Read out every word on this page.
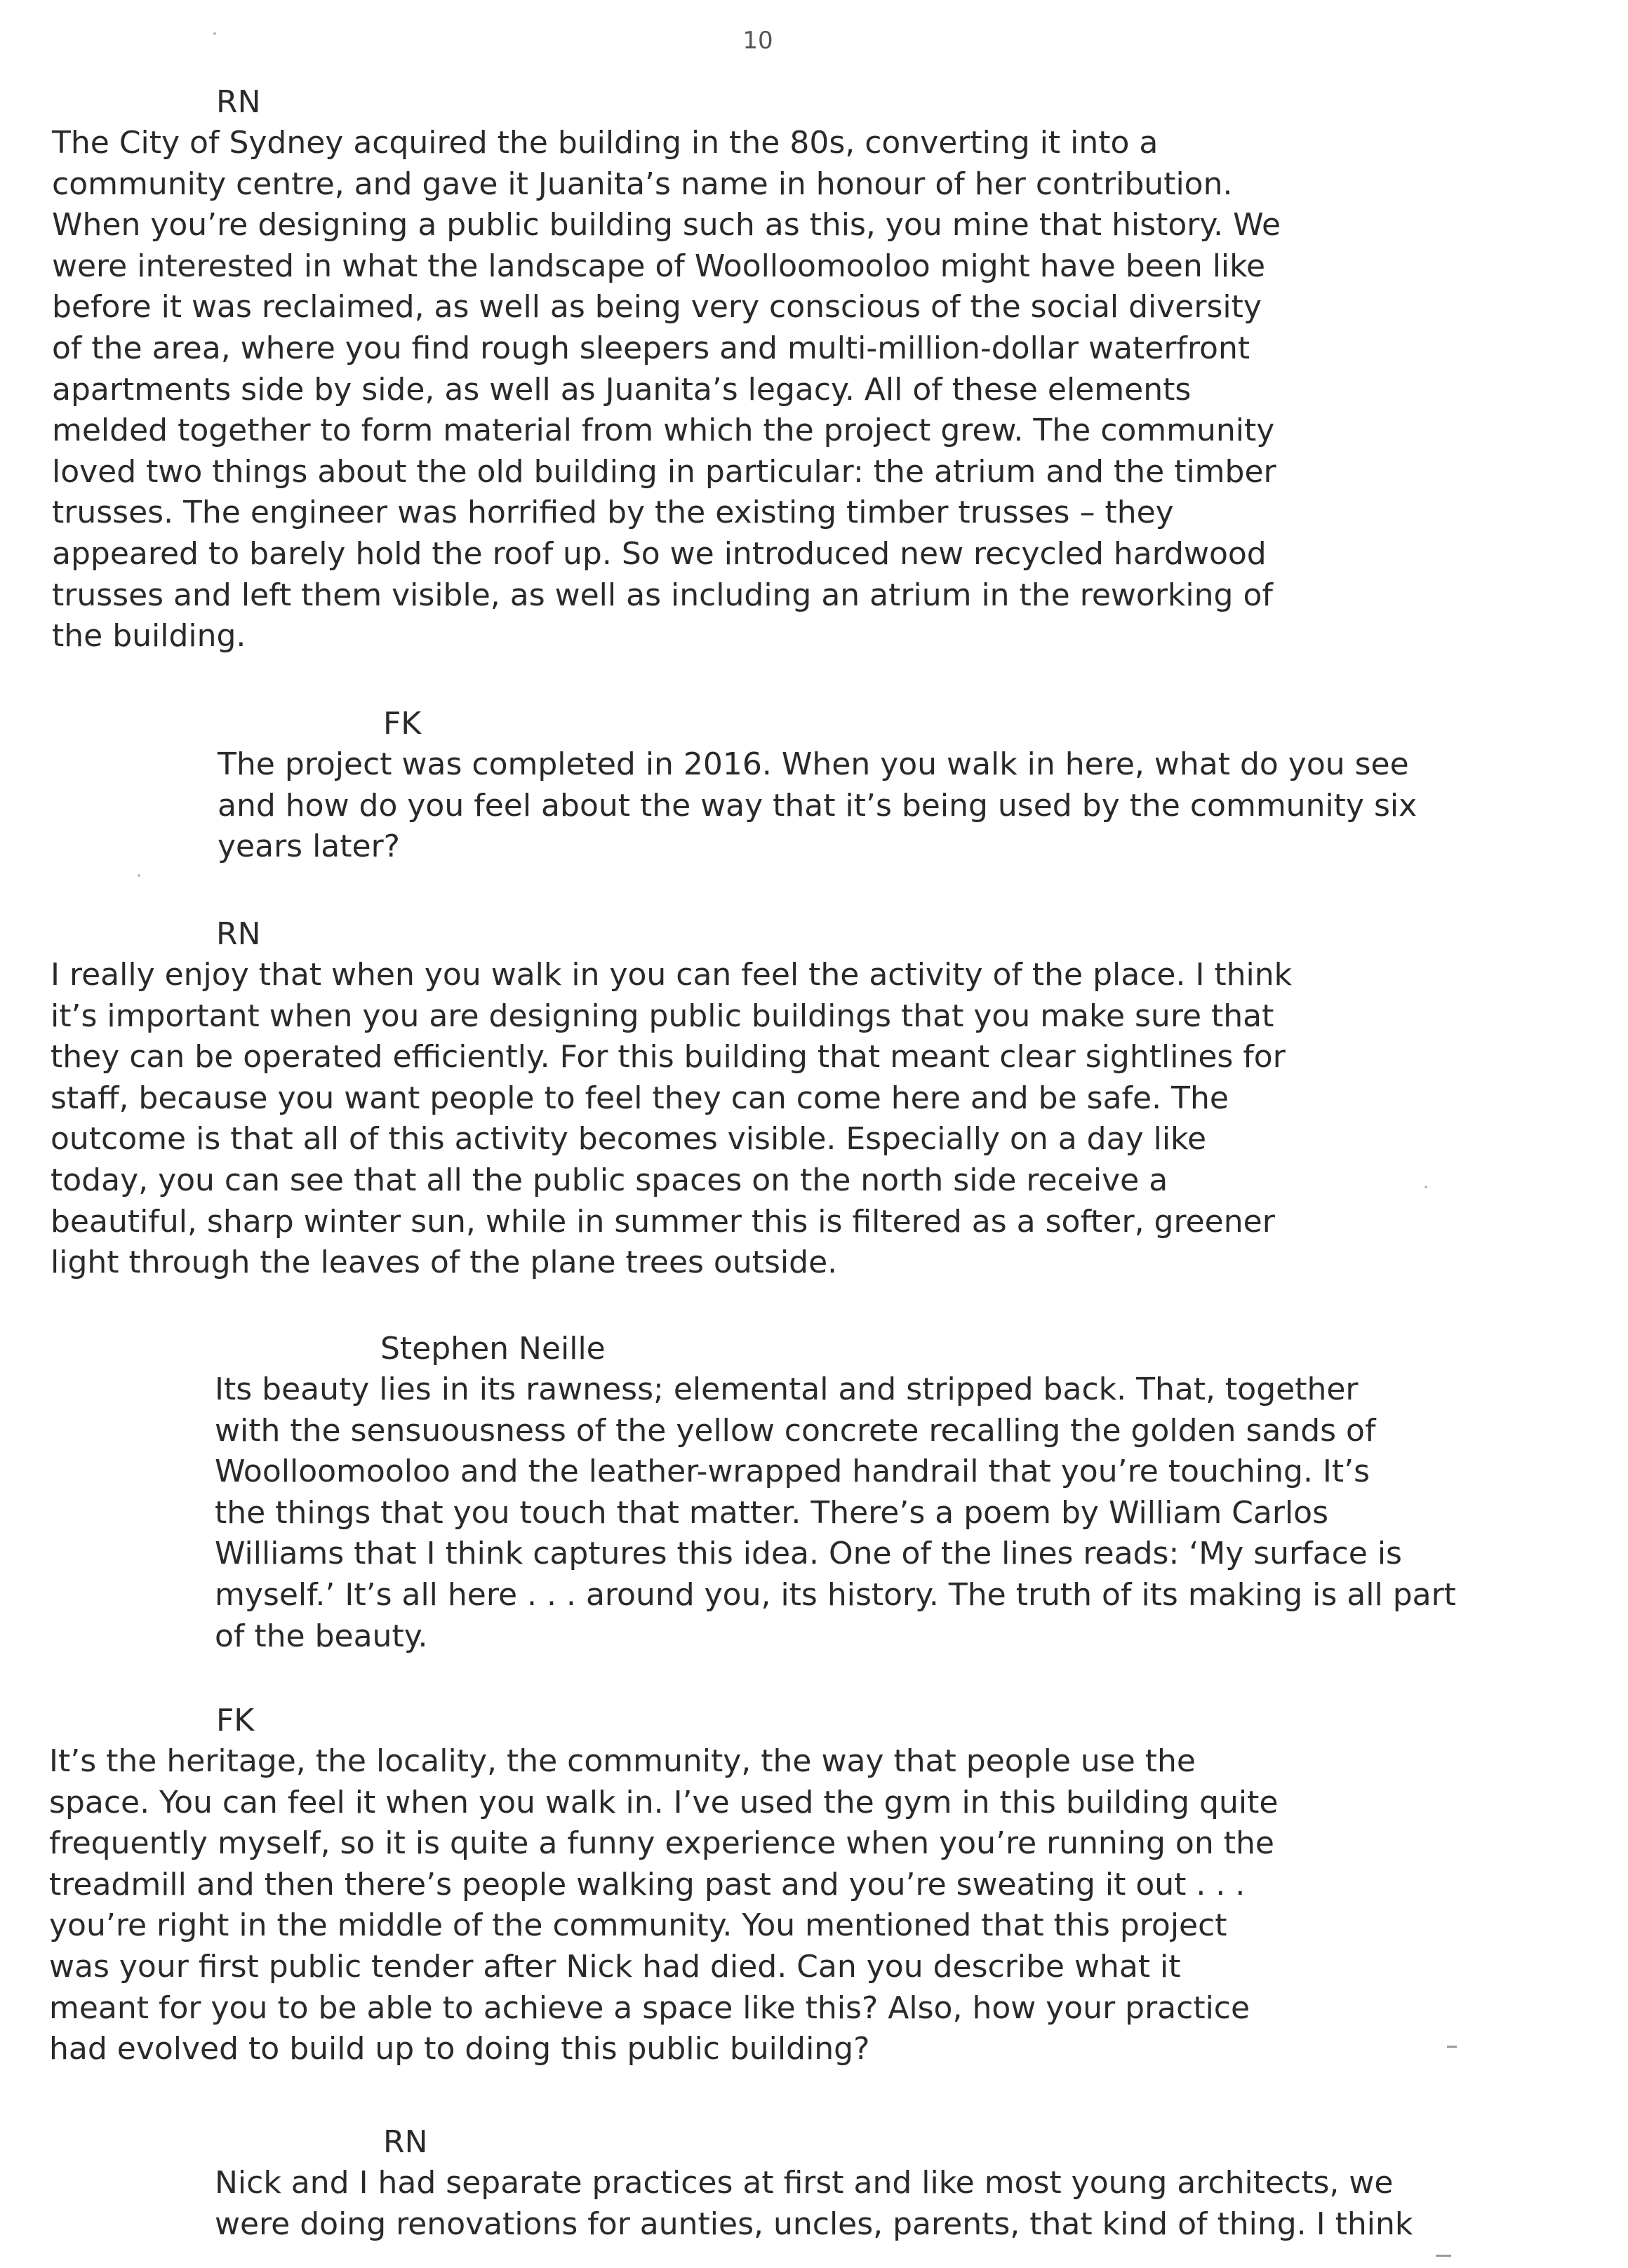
10
RN
The City of Sydney acquired the building in the 80s, converting it into a
community centre, and gave it Juanita’s name in honour of her contribution.
When you’re designing a public building such as this, you mine that history. We
were interested in what the landscape of Woolloomooloo might have been like
before it was reclaimed, as well as being very conscious of the social diversity
of the area, where you find rough sleepers and multi-million-dollar waterfront
apartments side by side, as well as Juanita’s legacy. All of these elements
melded together to form material from which the project grew. The community
loved two things about the old building in particular: the atrium and the timber
trusses. The engineer was horrified by the existing timber trusses – they
appeared to barely hold the roof up. So we introduced new recycled hardwood
trusses and left them visible, as well as including an atrium in the reworking of
the building.
FK
The project was completed in 2016. When you walk in here, what do you see
and how do you feel about the way that it’s being used by the community six
years later?
RN
I really enjoy that when you walk in you can feel the activity of the place. I think
it’s important when you are designing public buildings that you make sure that
they can be operated efficiently. For this building that meant clear sightlines for
staff, because you want people to feel they can come here and be safe. The
outcome is that all of this activity becomes visible. Especially on a day like
today, you can see that all the public spaces on the north side receive a
beautiful, sharp winter sun, while in summer this is filtered as a softer, greener
light through the leaves of the plane trees outside.
Stephen Neille
Its beauty lies in its rawness; elemental and stripped back. That, together
with the sensuousness of the yellow concrete recalling the golden sands of
Woolloomooloo and the leather-wrapped handrail that you’re touching. It’s
the things that you touch that matter. There’s a poem by William Carlos
Williams that I think captures this idea. One of the lines reads: ‘My surface is
myself.’ It’s all here . . . around you, its history. The truth of its making is all part
of the beauty.
FK
It’s the heritage, the locality, the community, the way that people use the
space. You can feel it when you walk in. I’ve used the gym in this building quite
frequently myself, so it is quite a funny experience when you’re running on the
treadmill and then there’s people walking past and you’re sweating it out . . .
you’re right in the middle of the community. You mentioned that this project
was your first public tender after Nick had died. Can you describe what it
meant for you to be able to achieve a space like this? Also, how your practice
had evolved to build up to doing this public building?
RN
Nick and I had separate practices at first and like most young architects, we
were doing renovations for aunties, uncles, parents, that kind of thing. I think
